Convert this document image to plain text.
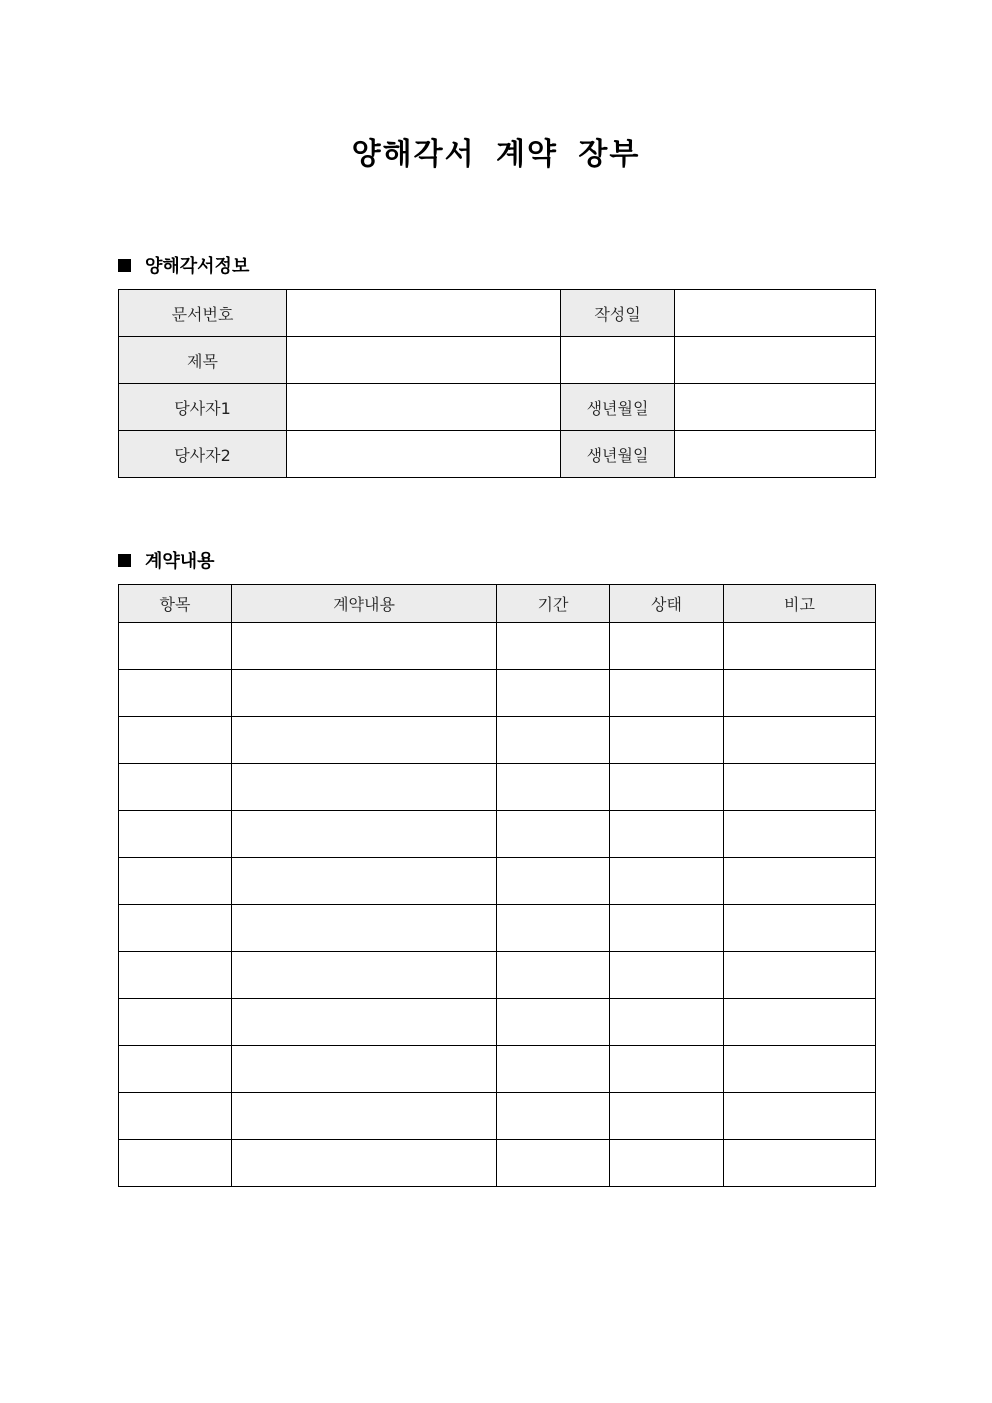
양해각서 계약 장부
양해각서정보
문서번호		작성일	
제목			
당사자1		생년월일	
당사자2		생년월일	
계약내용
항목	계약내용	기간	상태	비고
